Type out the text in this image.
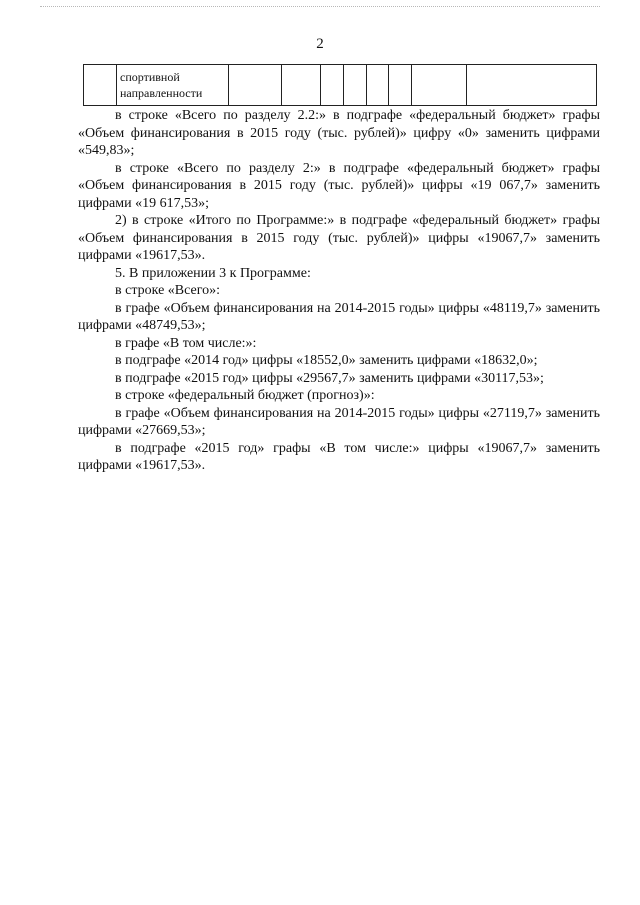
2

спортивной
направленности

в строке «Всего по разделу 2.2:» в подграфе «федеральный бюджет» графы «Объем финансирования в 2015 году (тыс. рублей)» цифру «0» заменить цифрами «549,83»;

в строке «Всего по разделу 2:» в подграфе «федеральный бюджет» графы «Объем финансирования в 2015 году (тыс. рублей)» цифры «19 067,7» заменить цифрами «19 617,53»;

2) в строке «Итого по Программе:» в подграфе «федеральный бюджет» графы «Объем финансирования в 2015 году (тыс. рублей)» цифры «19067,7» заменить цифрами «19617,53».

5. В приложении 3 к Программе:

в строке «Всего»:

в графе «Объем финансирования на 2014-2015 годы» цифры «48119,7» заменить цифрами «48749,53»;

в графе «В том числе:»:

в подграфе «2014 год» цифры «18552,0» заменить цифрами «18632,0»;

в подграфе «2015 год» цифры «29567,7» заменить цифрами «30117,53»;

в строке «федеральный бюджет (прогноз)»:

в графе «Объем финансирования на 2014-2015 годы» цифры «27119,7» заменить цифрами «27669,53»;

в подграфе «2015 год» графы «В том числе:» цифры «19067,7» заменить цифрами «19617,53».
